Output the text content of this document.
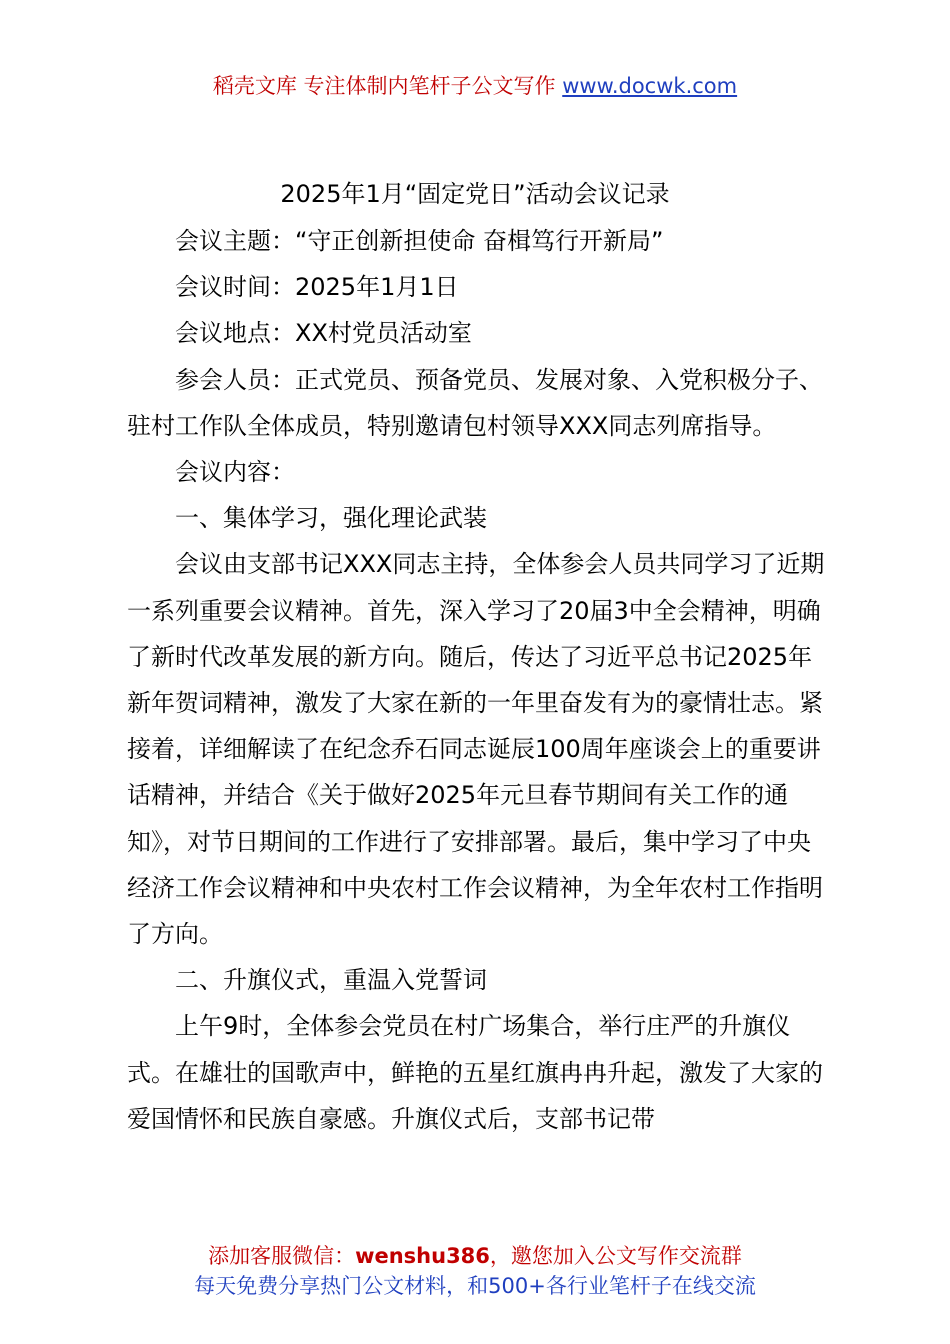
稻壳文库 专注体制内笔杆子公文写作 www.docwk.com
2025年1月“固定党日”活动会议记录

会议主题：“守正创新担使命 奋楫笃行开新局”

会议时间：2025年1月1日

会议地点：XX村党员活动室

参会人员：正式党员、预备党员、发展对象、入党积极分子、驻村工作队全体成员，特别邀请包村领导XXX同志列席指导。

会议内容：

一、集体学习，强化理论武装

会议由支部书记XXX同志主持，全体参会人员共同学习了近期一系列重要会议精神。首先，深入学习了20届3中全会精神，明确了新时代改革发展的新方向。随后，传达了习近平总书记2025年新年贺词精神，激发了大家在新的一年里奋发有为的豪情壮志。紧接着，详细解读了在纪念乔石同志诞辰100周年座谈会上的重要讲话精神，并结合《关于做好2025年元旦春节期间有关工作的通知》，对节日期间的工作进行了安排部署。最后，集中学习了中央经济工作会议精神和中央农村工作会议精神，为全年农村工作指明了方向。

二、升旗仪式，重温入党誓词

上午9时，全体参会党员在村广场集合，举行庄严的升旗仪式。在雄壮的国歌声中，鲜艳的五星红旗冉冉升起，激发了大家的爱国情怀和民族自豪感。升旗仪式后，支部书记带

添加客服微信：wenshu386，邀您加入公文写作交流群
每天免费分享热门公文材料，和500+各行业笔杆子在线交流
